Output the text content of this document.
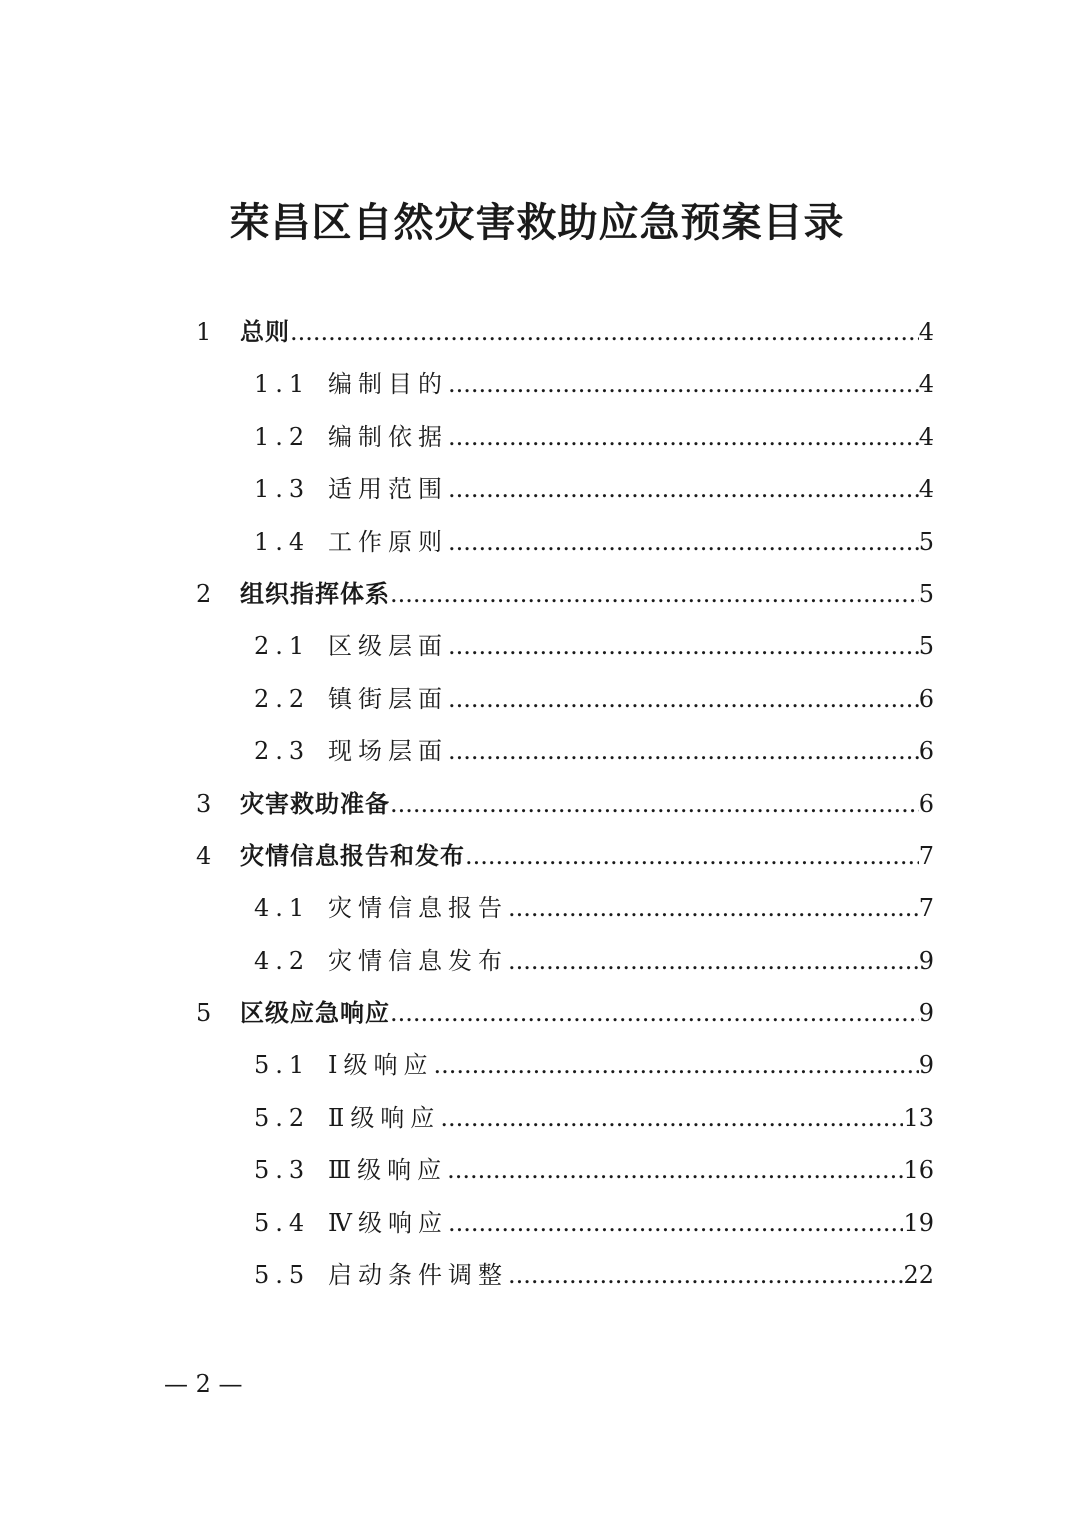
荣昌区自然灾害救助应急预案目录
1 总则 .....	4
1.1 编制目的 .....	4
1.2 编制依据 .....	4
1.3 适用范围 .....	4
1.4 工作原则 .....	5
2 组织指挥体系 .....	5
2.1 区级层面 .....	5
2.2 镇街层面 .....	6
2.3 现场层面 .....	6
3 灾害救助准备 .....	6
4 灾情信息报告和发布 .....	7
4.1 灾情信息报告 .....	7
4.2 灾情信息发布 .....	9
5 区级应急响应 .....	9
5.1 Ⅰ级响应 .....	9
5.2 Ⅱ级响应 .....	13
5.3 Ⅲ级响应 .....	16
5.4 Ⅳ级响应 .....	19
5.5 启动条件调整 .....	22
— 2 —
